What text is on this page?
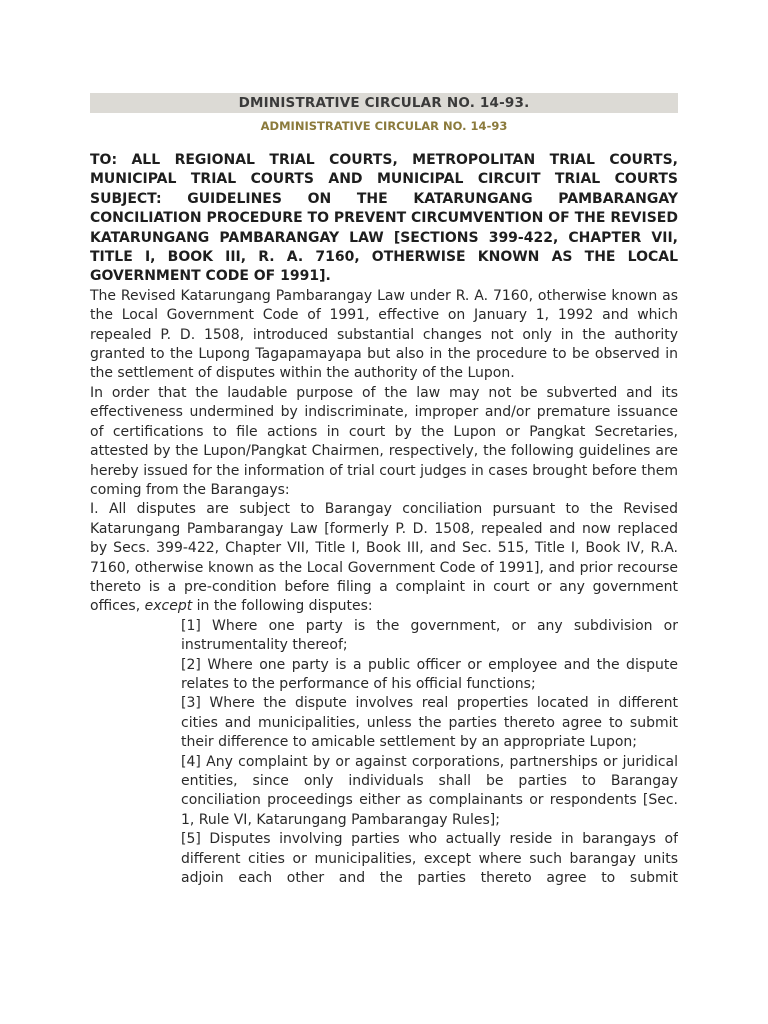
DMINISTRATIVE CIRCULAR NO. 14-93.
ADMINISTRATIVE CIRCULAR NO. 14-93
TO: ALL REGIONAL TRIAL COURTS, METROPOLITAN TRIAL COURTS, MUNICIPAL TRIAL COURTS AND MUNICIPAL CIRCUIT TRIAL COURTS SUBJECT: GUIDELINES ON THE KATARUNGANG PAMBARANGAY CONCILIATION PROCEDURE TO PREVENT CIRCUMVENTION OF THE REVISED KATARUNGANG PAMBARANGAY LAW [SECTIONS 399-422, CHAPTER VII, TITLE I, BOOK III, R. A. 7160, OTHERWISE KNOWN AS THE LOCAL GOVERNMENT CODE OF 1991].

The Revised Katarungang Pambarangay Law under R. A. 7160, otherwise known as the Local Government Code of 1991, effective on January 1, 1992 and which repealed P. D. 1508, introduced substantial changes not only in the authority granted to the Lupong Tagapamayapa but also in the procedure to be observed in the settlement of disputes within the authority of the Lupon.

In order that the laudable purpose of the law may not be subverted and its effectiveness undermined by indiscriminate, improper and/or premature issuance of certifications to file actions in court by the Lupon or Pangkat Secretaries, attested by the Lupon/Pangkat Chairmen, respectively, the following guidelines are hereby issued for the information of trial court judges in cases brought before them coming from the Barangays:

I. All disputes are subject to Barangay conciliation pursuant to the Revised Katarungang Pambarangay Law [formerly P. D. 1508, repealed and now replaced by Secs. 399-422, Chapter VII, Title I, Book III, and Sec. 515, Title I, Book IV, R.A. 7160, otherwise known as the Local Government Code of 1991], and prior recourse thereto is a pre-condition before filing a complaint in court or any government offices, except in the following disputes:

[1] Where one party is the government, or any subdivision or instrumentality thereof;
[2] Where one party is a public officer or employee and the dispute relates to the performance of his official functions;
[3] Where the dispute involves real properties located in different cities and municipalities, unless the parties thereto agree to submit their difference to amicable settlement by an appropriate Lupon;
[4] Any complaint by or against corporations, partnerships or juridical entities, since only individuals shall be parties to Barangay conciliation proceedings either as complainants or respondents [Sec. 1, Rule VI, Katarungang Pambarangay Rules];
[5] Disputes involving parties who actually reside in barangays of different cities or municipalities, except where such barangay units adjoin each other and the parties thereto agree to submit
